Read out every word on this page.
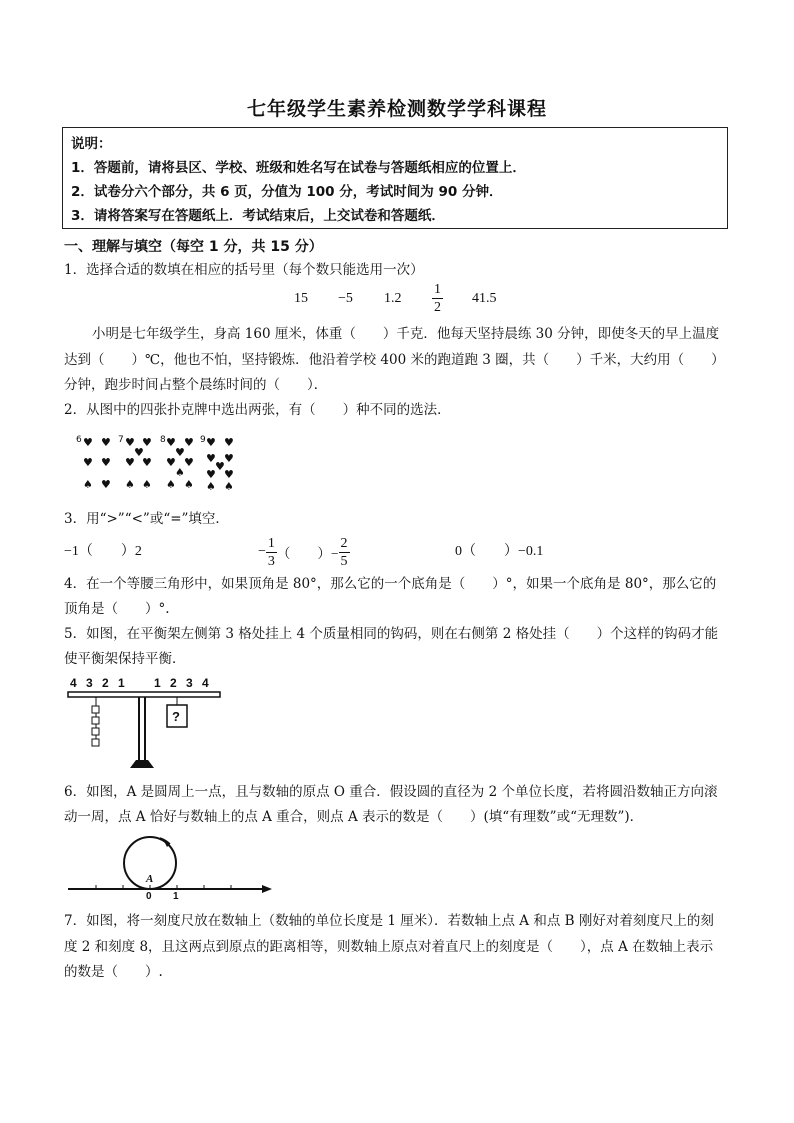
七年级学生素养检测数学学科课程
说明：
1．答题前，请将县区、学校、班级和姓名写在试卷与答题纸相应的位置上．
2．试卷分六个部分，共 6 页，分值为 100 分，考试时间为 90 分钟．
3．请将答案写在答题纸上．考试结束后，上交试卷和答题纸．
一、理解与填空（每空 1 分，共 15 分）
1．选择合适的数填在相应的括号里（每个数只能选用一次）
15 −5 1.2
1
2
41.5
小明是七年级学生，身高 160 厘米，体重（　　）千克．他每天坚持晨练 30 分钟，即使冬天的早上温度
达到（　　）℃，他也不怕，坚持锻炼．他沿着学校 400 米的跑道跑 3 圈，共（　　）千米，大约用（　　）
分钟，跑步时间占整个晨练时间的（　　）．
2．从图中的四张扑克牌中选出两张，有（　　）种不同的选法．
6 ♥ ♥
♥ ♥
♠ ♥
7 ♥ ♥
♥
♥
♥
♠ ♠
8 ♥ ♥
♥
♥
♥
♠
♠ ♠
9 ♥ ♥
♥ ♥
♥
♥ ♥
♠ ♠
3．用“>”“<”或“=”填空．
−1（　　）2	− $\frac{1}{3}$ （　　）− $\frac{2}{5}$	0（　　）−0.1
4．在一个等腰三角形中，如果顶角是 80°，那么它的一个底角是（　　）°，如果一个底角是 80°，那么它的
顶角是（　　）°.
5．如图，在平衡架左侧第 3 格处挂上 4 个质量相同的钩码，则在右侧第 2 格处挂（　　）个这样的钩码才能
使平衡架保持平衡．
4 3 2 1 1 2 3 4
?
6．如图，A 是圆周上一点，且与数轴的原点 O 重合．假设圆的直径为 2 个单位长度，若将圆沿数轴正方向滚
动一周，点 A 恰好与数轴上的点 A 重合，则点 A 表示的数是（　　）(填“有理数”或“无理数”)．
A
0 1
7．如图，将一刻度尺放在数轴上（数轴的单位长度是 1 厘米）．若数轴上点 A 和点 B 刚好对着刻度尺上的刻
度 2 和刻度 8，且这两点到原点的距离相等，则数轴上原点对着直尺上的刻度是（　　），点 A 在数轴上表示
的数是（　　）.
